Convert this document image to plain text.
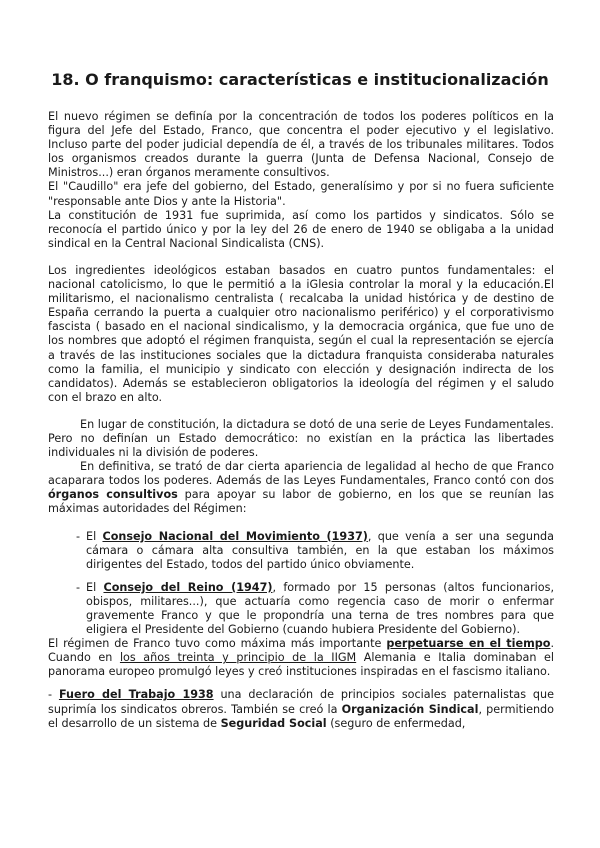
18. O franquismo: características e institucionalización

El nuevo régimen se definía por la concentración de todos los poderes políticos en la figura del Jefe del Estado, Franco, que concentra el poder ejecutivo y el legislativo. Incluso parte del poder judicial dependía de él, a través de los tribunales militares. Todos los organismos creados durante la guerra (Junta de Defensa Nacional, Consejo de Ministros...) eran órganos meramente consultivos.

El "Caudillo" era jefe del gobierno, del Estado, generalísimo y por si no fuera suficiente "responsable ante Dios y ante la Historia".

La constitución de 1931 fue suprimida, así como los partidos y sindicatos. Sólo se reconocía el partido único y por la ley del 26 de enero de 1940 se obligaba a la unidad sindical en la Central Nacional Sindicalista (CNS).

Los ingredientes ideológicos estaban basados en cuatro puntos fundamentales: el nacional catolicismo, lo que le permitió a la iGlesia controlar la moral y la educación.El militarismo, el nacionalismo centralista ( recalcaba la unidad histórica y de destino de España cerrando la puerta a cualquier otro nacionalismo periférico) y el corporativismo fascista ( basado en el nacional sindicalismo, y la democracia orgánica, que fue uno de los nombres que adoptó el régimen franquista, según el cual la representación se ejercía a través de las instituciones sociales que la dictadura franquista consideraba naturales como la familia, el municipio y sindicato con elección y designación indirecta de los candidatos). Además se establecieron obligatorios la ideología del régimen y el saludo con el brazo en alto.

En lugar de constitución, la dictadura se dotó de una serie de Leyes Fundamentales. Pero no definían un Estado democrático: no existían en la práctica las libertades individuales ni la división de poderes.

En definitiva, se trató de dar cierta apariencia de legalidad al hecho de que Franco acaparara todos los poderes. Además de las Leyes Fundamentales, Franco contó con dos órganos consultivos para apoyar su labor de gobierno, en los que se reunían las máximas autoridades del Régimen:

- El Consejo Nacional del Movimiento (1937), que venía a ser una segunda cámara o cámara alta consultiva también, en la que estaban los máximos dirigentes del Estado, todos del partido único obviamente.
- El Consejo del Reino (1947), formado por 15 personas (altos funcionarios, obispos, militares...), que actuaría como regencia caso de morir o enfermar gravemente Franco y que le propondría una terna de tres nombres para que eligiera el Presidente del Gobierno (cuando hubiera Presidente del Gobierno).

El régimen de Franco tuvo como máxima más importante perpetuarse en el tiempo. Cuando en los años treinta y principio de la IIGM Alemania e Italia dominaban el panorama europeo promulgó leyes y creó instituciones inspiradas en el fascismo italiano.

- Fuero del Trabajo 1938 una declaración de principios sociales paternalistas que suprimía los sindicatos obreros. También se creó la Organización Sindical, permitiendo el desarrollo de un sistema de Seguridad Social (seguro de enfermedad,
